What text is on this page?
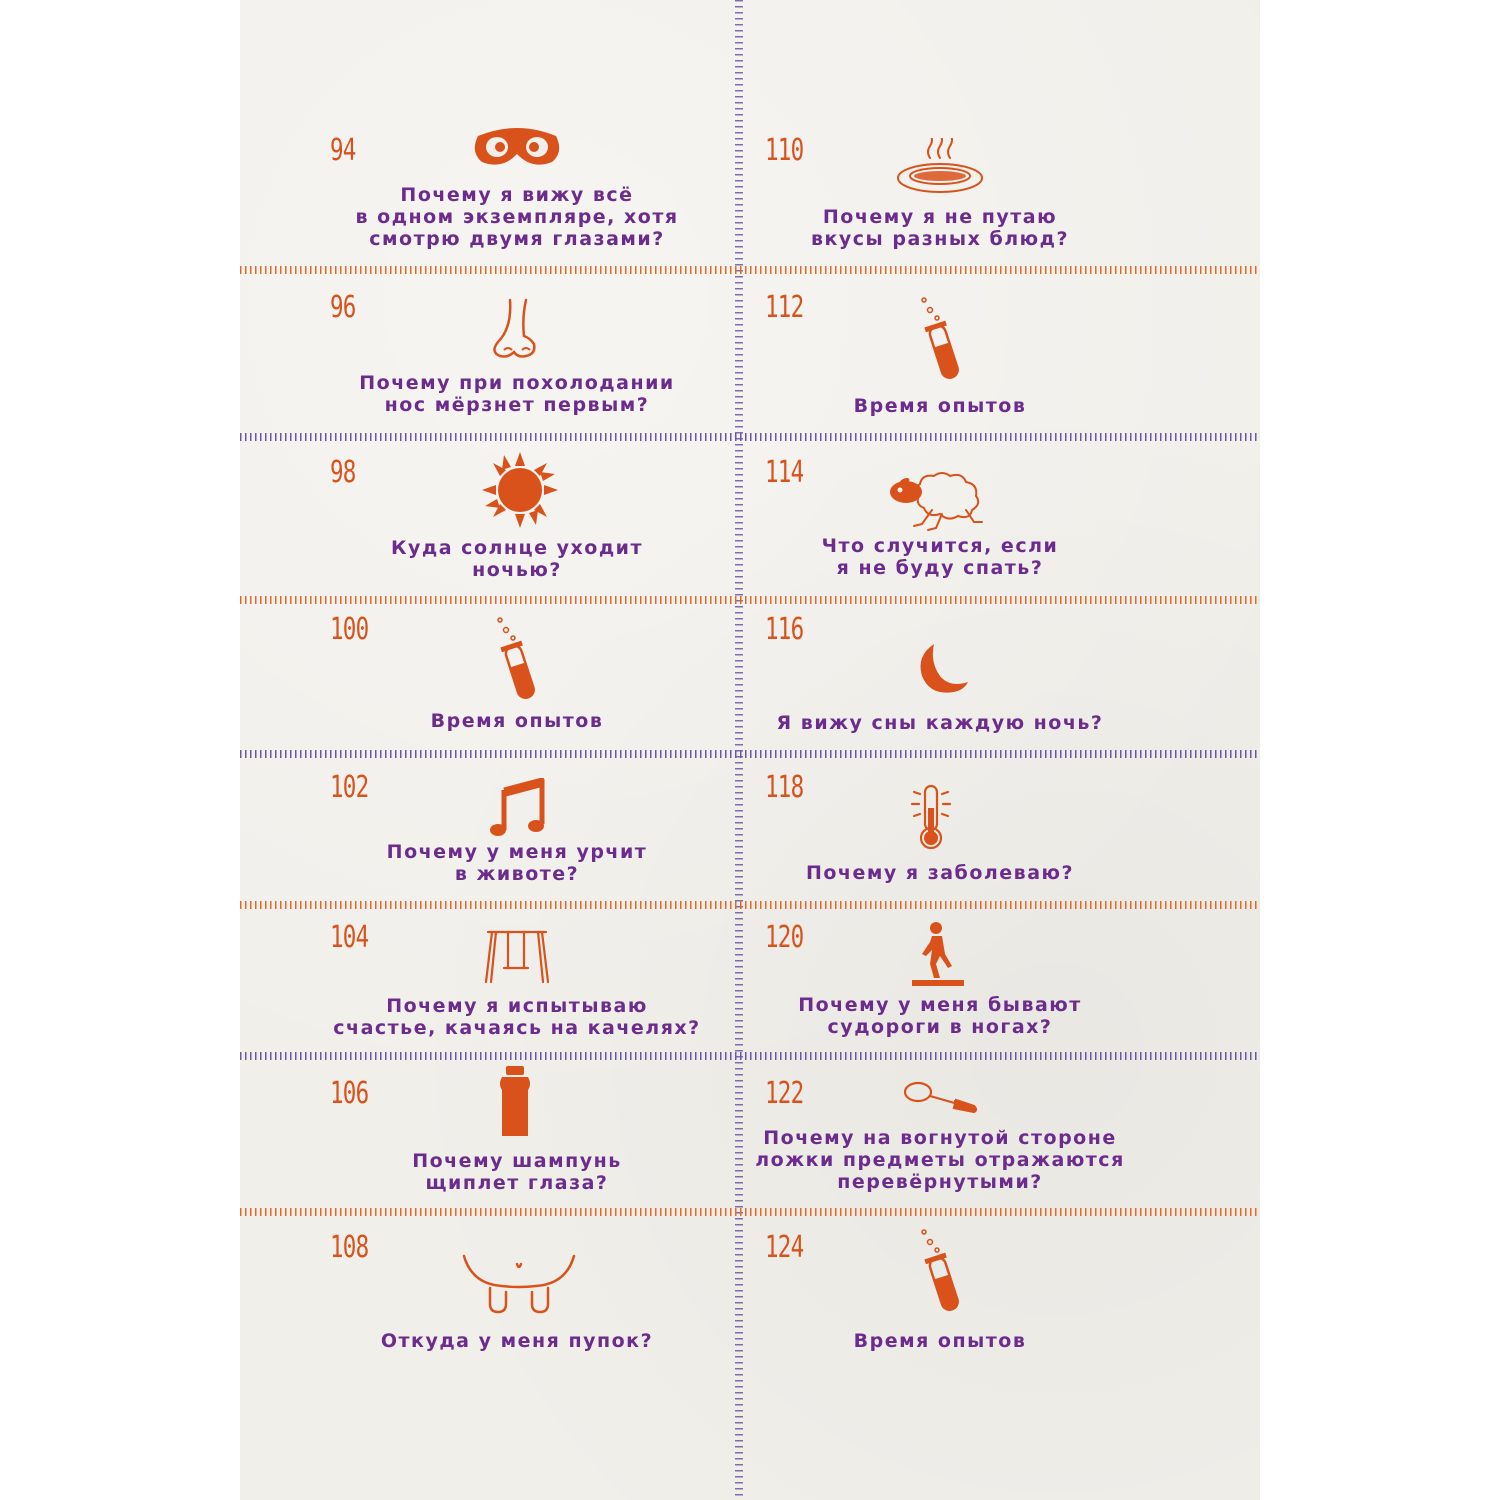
94
Почему я вижу всё
в одном экземпляре, хотя
смотрю двумя глазами?
96
Почему при похолодании
нос мёрзнет первым?
98
Куда солнце уходит
ночью?
100
Время опытов
102
Почему у меня урчит
в животе?
104
Почему я испытываю
счастье, качаясь на качелях?
106
Почему шампунь
щиплет глаза?
108
Откуда у меня пупок?
110
Почему я не путаю
вкусы разных блюд?
112
Время опытов
114
Что случится, если
я не буду спать?
116
Я вижу сны каждую ночь?
118
Почему я заболеваю?
120
Почему у меня бывают
судороги в ногах?
122
Почему на вогнутой стороне
ложки предметы отражаются
перевёрнутыми?
124
Время опытов
